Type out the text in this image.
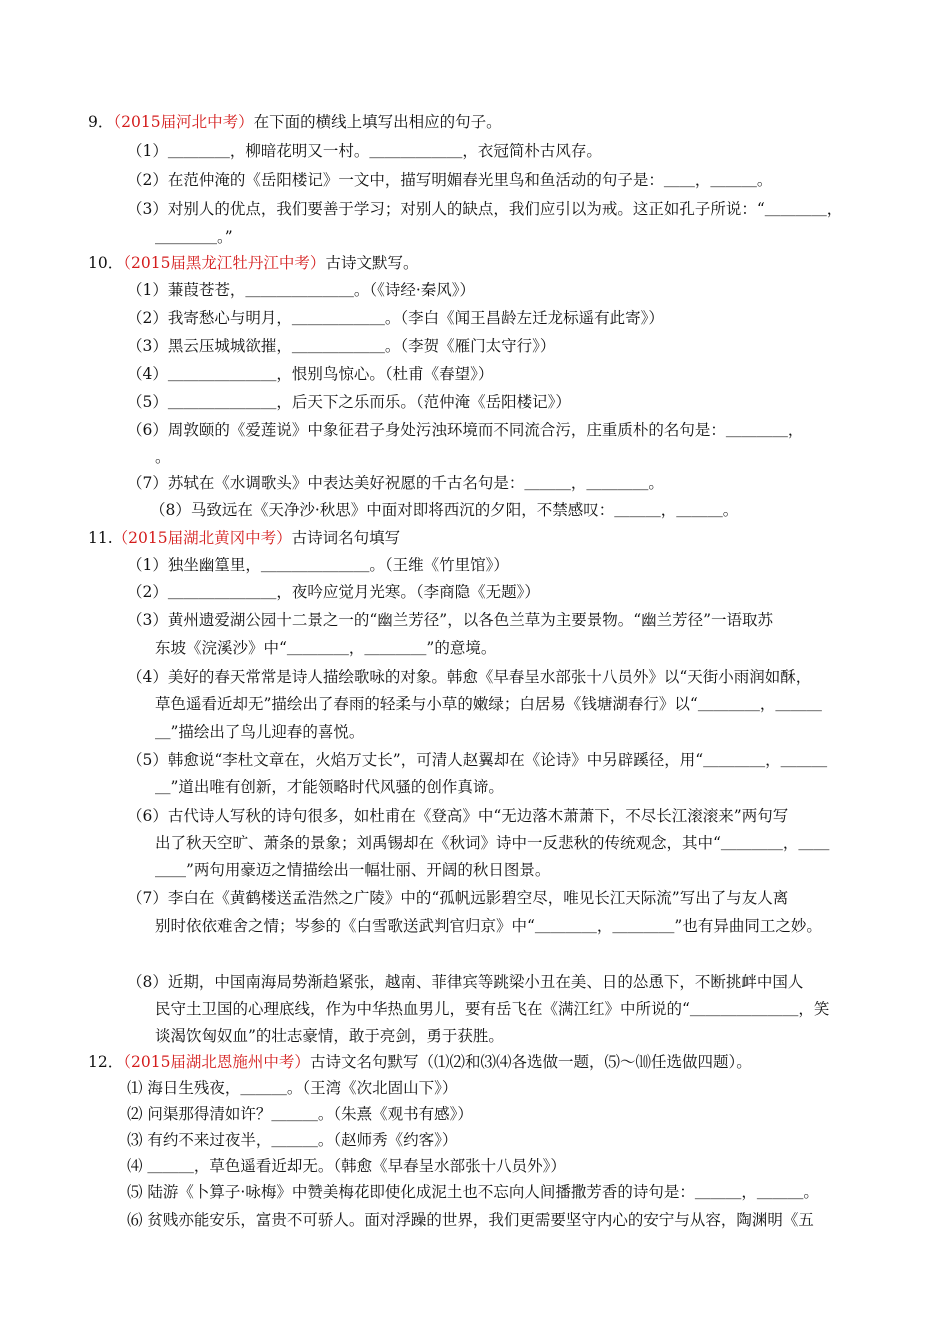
9．（2015届河北中考）在下面的横线上填写出相应的句子。
（1）＿＿＿＿，柳暗花明又一村。＿＿＿＿＿＿，衣冠简朴古风存。
（2）在范仲淹的《岳阳楼记》一文中，描写明媚春光里鸟和鱼活动的句子是：＿＿，＿＿＿。
（3）对别人的优点，我们要善于学习；对别人的缺点，我们应引以为戒。这正如孔子所说：“＿＿＿＿，
＿＿＿＿。”
10．（2015届黑龙江牡丹江中考）古诗文默写。
（1）蒹葭苍苍，＿＿＿＿＿＿＿。（《诗经·秦风》）
（2）我寄愁心与明月，＿＿＿＿＿＿。（李白《闻王昌龄左迁龙标遥有此寄》）
（3）黑云压城城欲摧，＿＿＿＿＿＿。（李贺《雁门太守行》）
（4）＿＿＿＿＿＿＿，恨别鸟惊心。（杜甫《春望》）
（5）＿＿＿＿＿＿＿，后天下之乐而乐。（范仲淹《岳阳楼记》）
（6）周敦颐的《爱莲说》中象征君子身处污浊环境而不同流合污，庄重质朴的名句是：＿＿＿＿，
。
（7）苏轼在《水调歌头》中表达美好祝愿的千古名句是：＿＿＿，＿＿＿＿。
（8）马致远在《天净沙·秋思》中面对即将西沉的夕阳，不禁感叹：＿＿＿，＿＿＿。
11.（2015届湖北黄冈中考）古诗词名句填写
（1）独坐幽篁里，＿＿＿＿＿＿＿。（王维《竹里馆》）
（2）＿＿＿＿＿＿＿，夜吟应觉月光寒。（李商隐《无题》）
（3）黄州遗爱湖公园十二景之一的“幽兰芳径”，以各色兰草为主要景物。“幽兰芳径”一语取苏
东坡《浣溪沙》中“＿＿＿＿，＿＿＿＿”的意境。
（4）美好的春天常常是诗人描绘歌咏的对象。韩愈《早春呈水部张十八员外》以“天街小雨润如酥，
草色遥看近却无”描绘出了春雨的轻柔与小草的嫩绿；白居易《钱塘湖春行》以“＿＿＿＿，＿＿＿
＿”描绘出了鸟儿迎春的喜悦。
（5）韩愈说“李杜文章在，火焰万丈长”，可清人赵翼却在《论诗》中另辟蹊径，用“＿＿＿＿，＿＿＿
＿”道出唯有创新，才能领略时代风骚的创作真谛。
（6）古代诗人写秋的诗句很多，如杜甫在《登高》中“无边落木萧萧下，不尽长江滚滚来”两句写
出了秋天空旷、萧条的景象；刘禹锡却在《秋词》诗中一反悲秋的传统观念，其中“＿＿＿＿，＿＿
＿＿”两句用豪迈之情描绘出一幅壮丽、开阔的秋日图景。
（7）李白在《黄鹤楼送孟浩然之广陵》中的“孤帆远影碧空尽，唯见长江天际流”写出了与友人离
别时依依难舍之情；岑参的《白雪歌送武判官归京》中“＿＿＿＿，＿＿＿＿”也有异曲同工之妙。
（8）近期，中国南海局势渐趋紧张，越南、菲律宾等跳梁小丑在美、日的怂恿下，不断挑衅中国人
民守土卫国的心理底线，作为中华热血男儿，要有岳飞在《满江红》中所说的“＿＿＿＿＿＿＿，笑
谈渴饮匈奴血”的壮志豪情，敢于亮剑，勇于获胜。
12．（2015届湖北恩施州中考）古诗文名句默写（⑴⑵和⑶⑷各选做一题，⑸～⑽任选做四题）。
⑴ 海日生残夜，＿＿＿。（王湾《次北固山下》）
⑵ 问渠那得清如许？＿＿＿。（朱熹《观书有感》）
⑶ 有约不来过夜半，＿＿＿。（赵师秀《约客》）
⑷ ＿＿＿，草色遥看近却无。（韩愈《早春呈水部张十八员外》）
⑸ 陆游《卜算子·咏梅》中赞美梅花即使化成泥土也不忘向人间播撒芳香的诗句是：＿＿＿，＿＿＿。
⑹ 贫贱亦能安乐，富贵不可骄人。面对浮躁的世界，我们更需要坚守内心的安宁与从容，陶渊明《五
